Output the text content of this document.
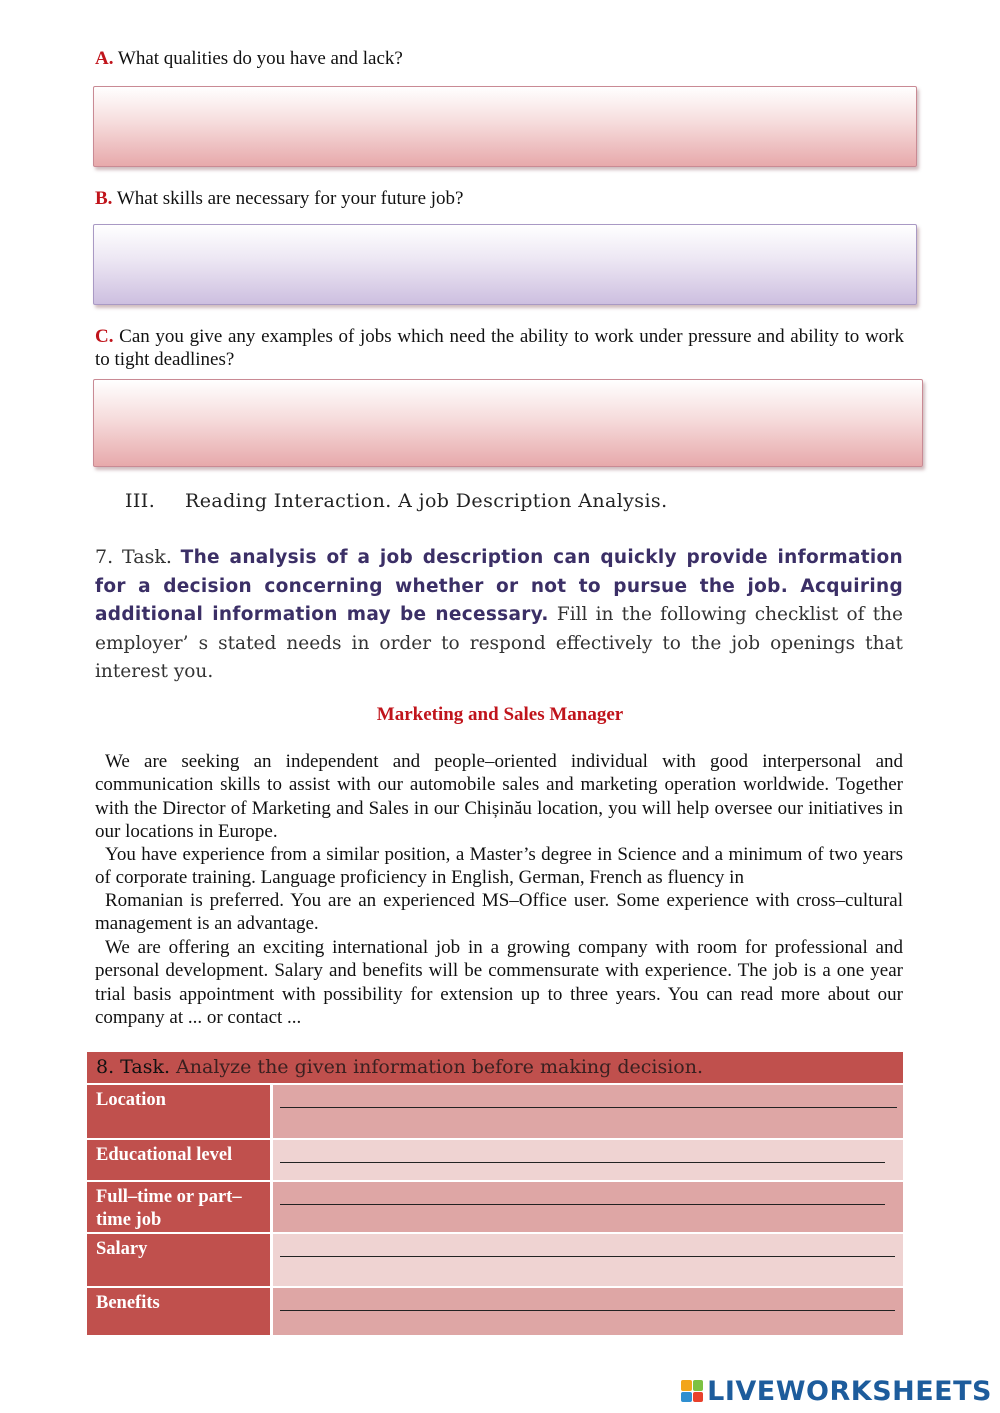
A. What qualities do you have and lack?
B. What skills are necessary for your future job?
C. Can you give any examples of jobs which need the ability to work under pressure and ability to work to tight deadlines?
III. Reading Interaction. A job Description Analysis.
7. Task. The analysis of a job description can quickly provide information for a decision concerning whether or not to pursue the job. Acquiring additional information may be necessary. Fill in the following checklist of the employer’ s stated needs in order to respond effectively to the job openings that interest you.
Marketing and Sales Manager
We are seeking an independent and people–oriented individual with good interpersonal and communication skills to assist with our automobile sales and marketing operation worldwide. Together with the Director of Marketing and Sales in our Chișinău location, you will help oversee our initiatives in our locations in Europe.
You have experience from a similar position, a Master’s degree in Science and a minimum of two years of corporate training. Language proficiency in English, German, French as fluency in
Romanian is preferred. You are an experienced MS–Office user. Some experience with cross–cultural management is an advantage.
We are offering an exciting international job in a growing company with room for professional and personal development. Salary and benefits will be commensurate with experience. The job is a one year trial basis appointment with possibility for extension up to three years. You can read more about our company at ... or contact ...
8. Task. Analyze the given information before making decision.
Location
Educational level
Full–time or part–time job
Salary
Benefits
LIVEWORKSHEETS
